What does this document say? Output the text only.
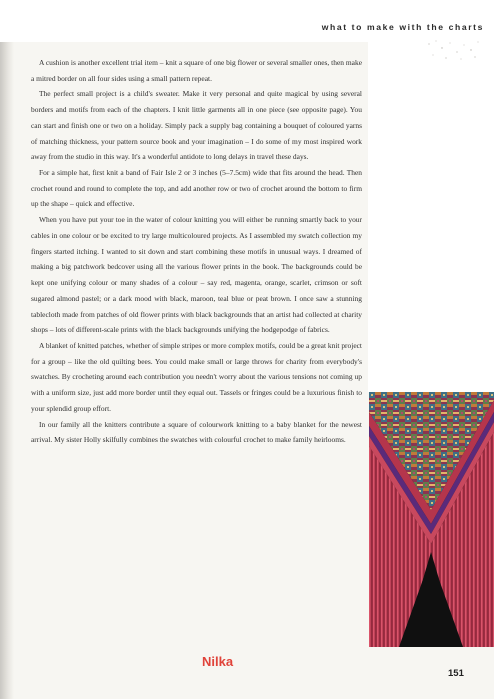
what to make with the charts

A cushion is another excellent trial item – knit a square of one big flower or several smaller ones, then make a mitred border on all four sides using a small pattern repeat.

The perfect small project is a child's sweater. Make it very personal and quite magical by using several borders and motifs from each of the chapters. I knit little garments all in one piece (see opposite page). You can start and finish one or two on a holiday. Simply pack a supply bag containing a bouquet of coloured yarns of matching thickness, your pattern source book and your imagination – I do some of my most inspired work away from the studio in this way. It's a wonderful antidote to long delays in travel these days.

For a simple hat, first knit a band of Fair Isle 2 or 3 inches (5–7.5cm) wide that fits around the head. Then crochet round and round to complete the top, and add another row or two of crochet around the bottom to firm up the shape – quick and effective.

When you have put your toe in the water of colour knitting you will either be running smartly back to your cables in one colour or be excited to try large multicoloured projects. As I assembled my swatch collection my fingers started itching. I wanted to sit down and start combining these motifs in unusual ways. I dreamed of making a big patchwork bedcover using all the various flower prints in the book. The backgrounds could be kept one unifying colour or many shades of a colour – say red, magenta, orange, scarlet, crimson or soft sugared almond pastel; or a dark mood with black, maroon, teal blue or peat brown. I once saw a stunning tablecloth made from patches of old flower prints with black backgrounds that an artist had collected at charity shops – lots of different-scale prints with the black backgrounds unifying the hodgepodge of fabrics.

A blanket of knitted patches, whether of simple stripes or more complex motifs, could be a great knit project for a group – like the old quilting bees. You could make small or large throws for charity from everybody's swatches. By crocheting around each contribution you needn't worry about the various tensions not coming up with a uniform size, just add more border until they equal out. Tassels or fringes could be a luxurious finish to your splendid group effort.

In our family all the knitters contribute a square of colourwork knitting to a baby blanket for the newest arrival. My sister Holly skilfully combines the swatches with colourful crochet to make family heirlooms.

Nilka
151
